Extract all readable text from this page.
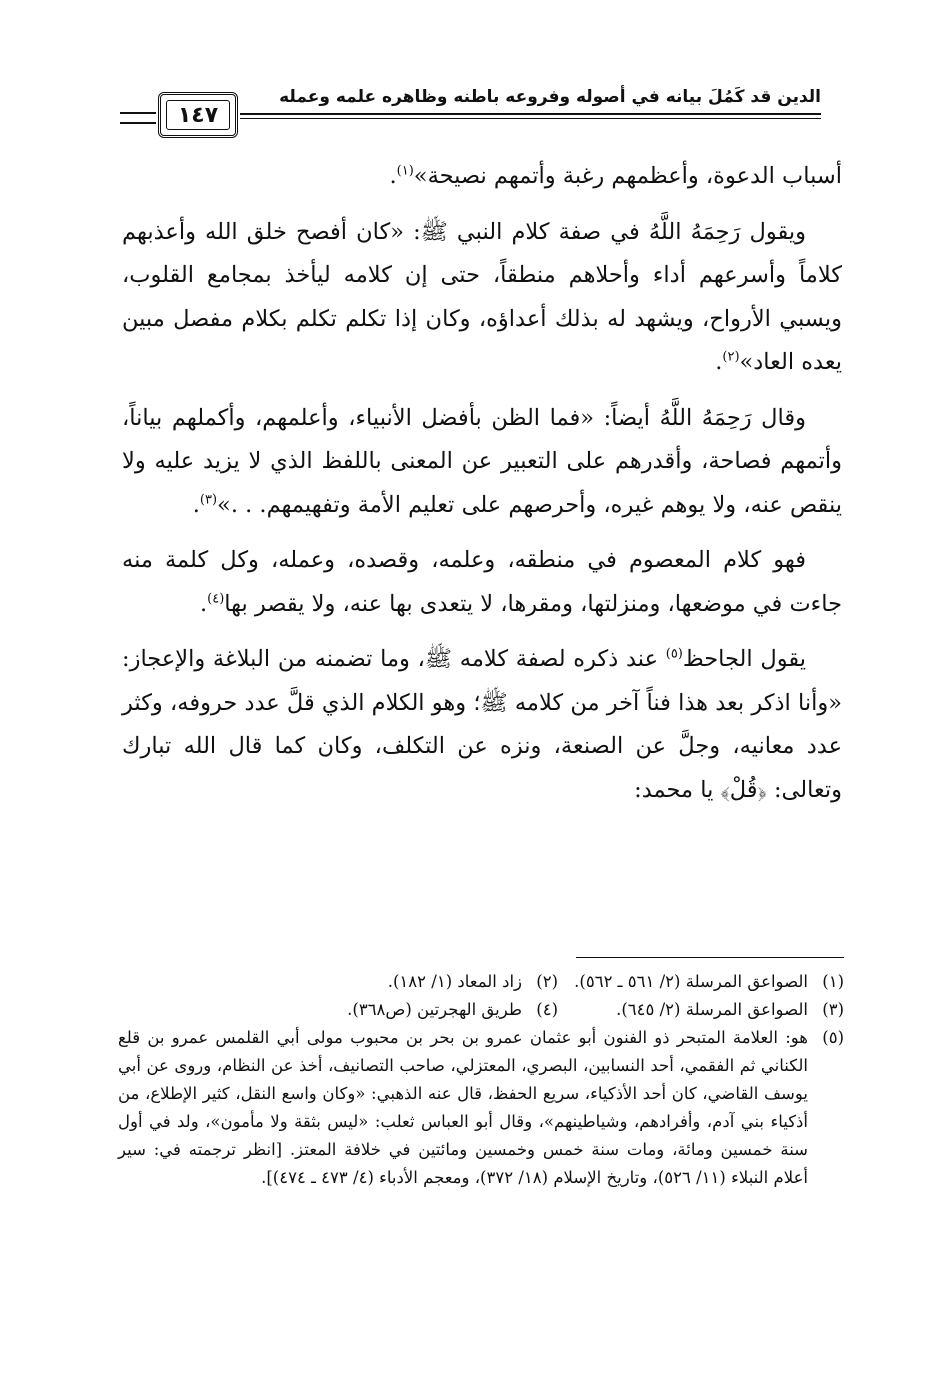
الدين قد كَمُلَ بيانه في أصوله وفروعه باطنه وظاهره علمه وعمله
١٤٧

أسباب الدعوة، وأعظمهم رغبة وأتمهم نصيحة»$^{(١)}$.

ويقول رَحِمَهُ اللَّهُ في صفة كلام النبي ﷺ: «كان أفصح خلق الله وأعذبهم كلاماً وأسرعهم أداء وأحلاهم منطقاً، حتى إن كلامه ليأخذ بمجامع القلوب، ويسبي الأرواح، ويشهد له بذلك أعداؤه، وكان إذا تكلم تكلم بكلام مفصل مبين يعده العاد»$^{(٢)}$.

وقال رَحِمَهُ اللَّهُ أيضاً: «فما الظن بأفضل الأنبياء، وأعلمهم، وأكملهم بياناً، وأتمهم فصاحة، وأقدرهم على التعبير عن المعنى باللفظ الذي لا يزيد عليه ولا ينقص عنه، ولا يوهم غيره، وأحرصهم على تعليم الأمة وتفهيمهم. . .»$^{(٣)}$.

فهو كلام المعصوم في منطقه، وعلمه، وقصده، وعمله، وكل كلمة منه جاءت في موضعها، ومنزلتها، ومقرها، لا يتعدى بها عنه، ولا يقصر بها$^{(٤)}$.

يقول الجاحظ$^{(٥)}$ عند ذكره لصفة كلامه ﷺ، وما تضمنه من البلاغة والإعجاز: «وأنا اذكر بعد هذا فناً آخر من كلامه ﷺ؛ وهو الكلام الذي قلَّ عدد حروفه، وكثر عدد معانيه، وجلَّ عن الصنعة، ونزه عن التكلف، وكان كما قال الله تبارك وتعالى: ﴿قُلْ﴾ يا محمد:

(١)
الصواعق المرسلة (٢/ ٥٦١ ـ ٥٦٢).
(٢)
زاد المعاد (١/ ١٨٢).
(٣)
الصواعق المرسلة (٢/ ٦٤٥).
(٤)
طريق الهجرتين (ص٣٦٨).
(٥)
هو: العلامة المتبحر ذو الفنون أبو عثمان عمرو بن بحر بن محبوب مولى أبي القلمس عمرو بن قلع الكناني ثم الفقمي، أحد النسابين، البصري، المعتزلي، صاحب التصانيف، أخذ عن النظام، وروى عن أبي يوسف القاضي، كان أحد الأذكياء، سريع الحفظ، قال عنه الذهبي: «وكان واسع النقل، كثير الإطلاع، من أذكياء بني آدم، وأفرادهم، وشياطينهم»، وقال أبو العباس ثعلب: «ليس بثقة ولا مأمون»، ولد في أول سنة خمسين ومائة، ومات سنة خمس وخمسين ومائتين في خلافة المعتز. [انظر ترجمته في: سير أعلام النبلاء (١١/ ٥٢٦)، وتاريخ الإسلام (١٨/ ٣٧٢)، ومعجم الأدباء (٤/ ٤٧٣ ـ ٤٧٤)].
